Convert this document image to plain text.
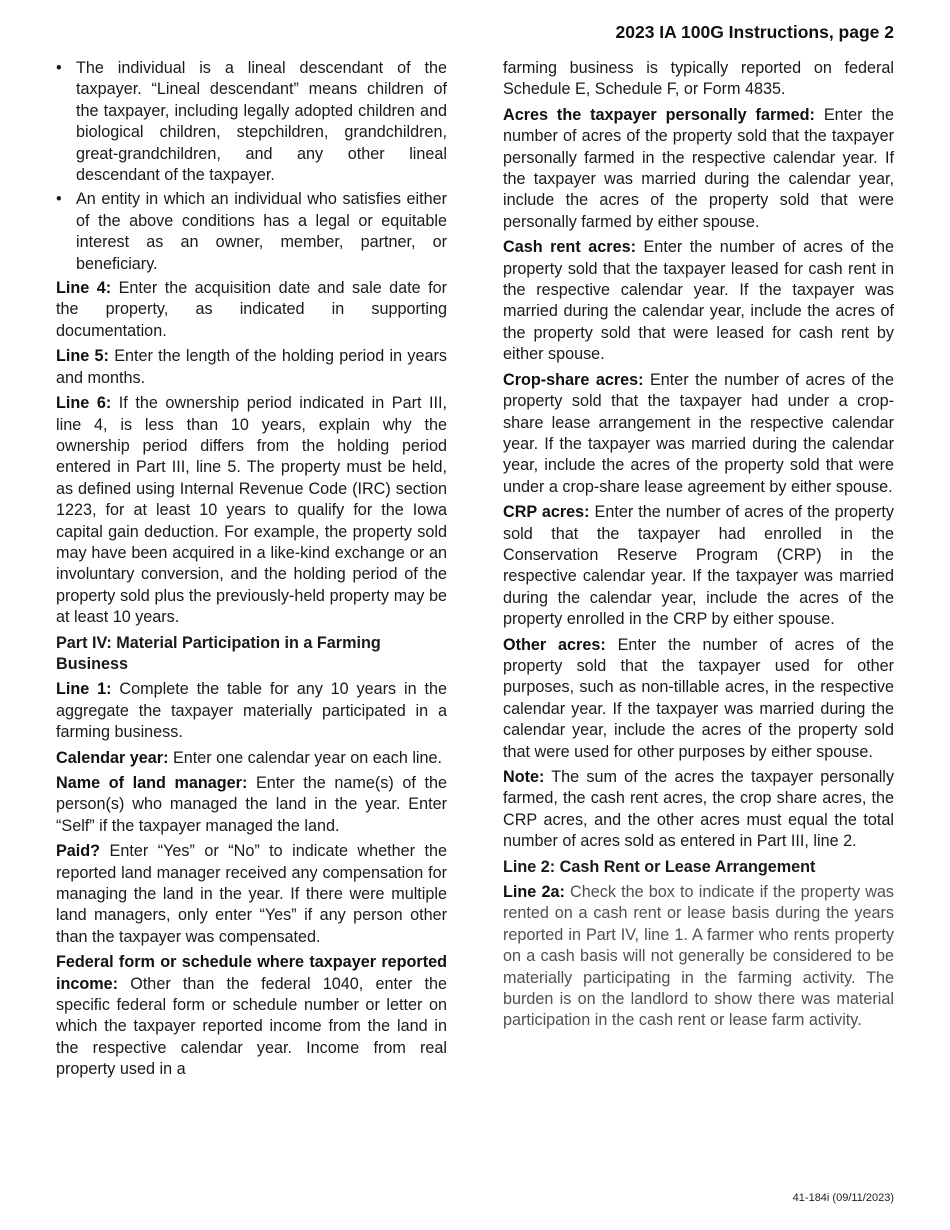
2023 IA 100G Instructions, page 2
• The individual is a lineal descendant of the taxpayer. “Lineal descendant” means children of the taxpayer, including legally adopted children and biological children, stepchildren, grandchildren, great-grandchildren, and any other lineal descendant of the taxpayer.
• An entity in which an individual who satisfies either of the above conditions has a legal or equitable interest as an owner, member, partner, or beneficiary.

Line 4: Enter the acquisition date and sale date for the property, as indicated in supporting documentation.

Line 5: Enter the length of the holding period in years and months.

Line 6: If the ownership period indicated in Part III, line 4, is less than 10 years, explain why the ownership period differs from the holding period entered in Part III, line 5. The property must be held, as defined using Internal Revenue Code (IRC) section 1223, for at least 10 years to qualify for the Iowa capital gain deduction. For example, the property sold may have been acquired in a like-kind exchange or an involuntary conversion, and the holding period of the property sold plus the previously-held property may be at least 10 years.

Part IV: Material Participation in a Farming Business

Line 1: Complete the table for any 10 years in the aggregate the taxpayer materially participated in a farming business.

Calendar year: Enter one calendar year on each line.

Name of land manager: Enter the name(s) of the person(s) who managed the land in the year. Enter “Self” if the taxpayer managed the land.

Paid? Enter “Yes” or “No” to indicate whether the reported land manager received any compensation for managing the land in the year. If there were multiple land managers, only enter “Yes” if any person other than the taxpayer was compensated.

Federal form or schedule where taxpayer reported income: Other than the federal 1040, enter the specific federal form or schedule number or letter on which the taxpayer reported income from the land in the respective calendar year. Income from real property used in a

farming business is typically reported on federal Schedule E, Schedule F, or Form 4835.

Acres the taxpayer personally farmed: Enter the number of acres of the property sold that the taxpayer personally farmed in the respective calendar year. If the taxpayer was married during the calendar year, include the acres of the property sold that were personally farmed by either spouse.

Cash rent acres: Enter the number of acres of the property sold that the taxpayer leased for cash rent in the respective calendar year. If the taxpayer was married during the calendar year, include the acres of the property sold that were leased for cash rent by either spouse.

Crop-share acres: Enter the number of acres of the property sold that the taxpayer had under a crop-share lease arrangement in the respective calendar year. If the taxpayer was married during the calendar year, include the acres of the property sold that were under a crop-share lease agreement by either spouse.

CRP acres: Enter the number of acres of the property sold that the taxpayer had enrolled in the Conservation Reserve Program (CRP) in the respective calendar year. If the taxpayer was married during the calendar year, include the acres of the property enrolled in the CRP by either spouse.

Other acres: Enter the number of acres of the property sold that the taxpayer used for other purposes, such as non-tillable acres, in the respective calendar year. If the taxpayer was married during the calendar year, include the acres of the property sold that were used for other purposes by either spouse.

Note: The sum of the acres the taxpayer personally farmed, the cash rent acres, the crop share acres, the CRP acres, and the other acres must equal the total number of acres sold as entered in Part III, line 2.

Line 2: Cash Rent or Lease Arrangement

Line 2a: Check the box to indicate if the property was rented on a cash rent or lease basis during the years reported in Part IV, line 1. A farmer who rents property on a cash basis will not generally be considered to be materially participating in the farming activity. The burden is on the landlord to show there was material participation in the cash rent or lease farm activity.

41-184i (09/11/2023)
